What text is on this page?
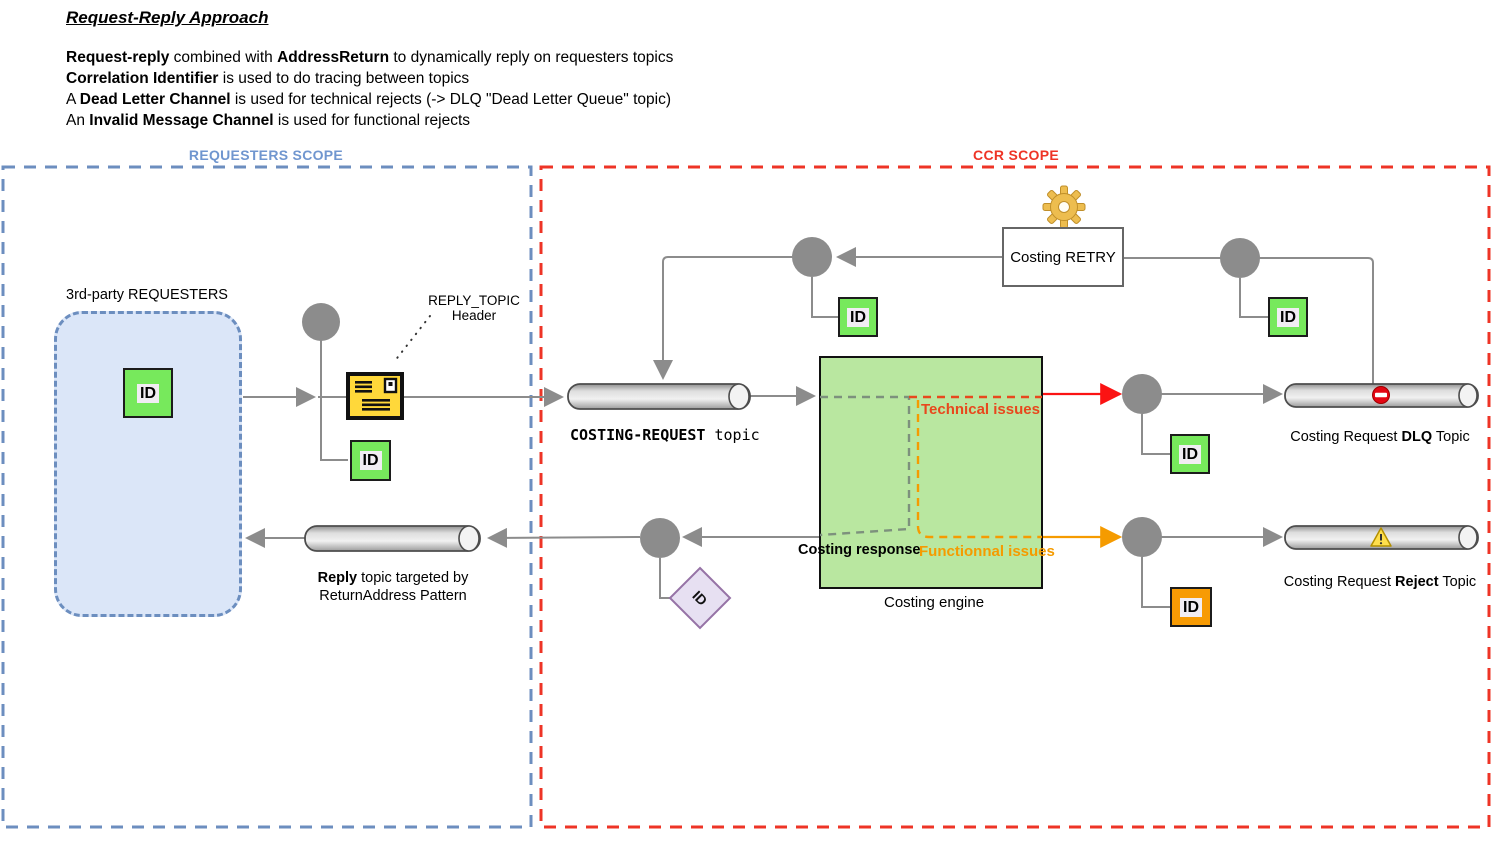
ID
Request-Reply Approach
Request-reply combined with AddressReturn to dynamically reply on requesters topics
Correlation Identifier is used to do tracing between topics
A Dead Letter Channel is used for technical rejects (-> DLQ "Dead Letter Queue" topic)
An Invalid Message Channel is used for functional rejects
REQUESTERS SCOPE	CCR SCOPE
3rd-party REQUESTERS
ID
ID
ID	ID
ID
ID
REPLY_TOPIC
Header
Costing RETRY
COSTING-REQUEST topic
Reply topic targeted by
ReturnAddress Pattern
Costing Request DLQ Topic
Costing Request Reject Topic
Costing engine
Costing response
Technical issues
Functionnal issues
